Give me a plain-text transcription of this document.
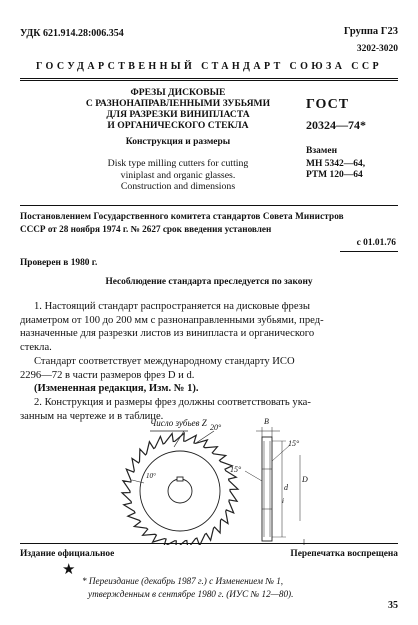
УДК 621.914.28:006.354	Группа Г23
3202-3020
ГОСУДАРСТВЕННЫЙ СТАНДАРТ СОЮЗА ССР
ФРЕЗЫ ДИСКОВЫЕ
С РАЗНОНАПРАВЛЕННЫМИ ЗУБЬЯМИ
ДЛЯ РАЗРЕЗКИ ВИНИПЛАСТА
И ОРГАНИЧЕСКОГО СТЕКЛА
Конструкция и размеры
Disk type milling cutters for cutting
viniplast and organic glasses.
Construction and dimensions
ГОСТ
20324—74*
Взамен
МН 5342—64,
РТМ 120—64
Постановлением Государственного комитета стандартов Совета Министров
СССР от 28 ноября 1974 г. № 2627 срок введения установлен
с 01.01.76
Проверен в 1980 г.
Несоблюдение стандарта преследуется по закону
1. Настоящий стандарт распространяется на дисковые фрезы
диаметром от 100 до 200 мм с разнонаправленными зубьями, пред-
назначенные для разрезки листов из винипласта и органического
стекла.
Стандарт соответствует международному стандарту ИСО
2296—72 в части размеров фрез D и d.
(Измененная редакция, Изм. № 1).
2. Конструкция и размеры фрез должны соответствовать ука-
занным на чертеже и в таблице.
Число зубьев Z 20°
10°
15°
15°
B
d
D
i
Издание официальное	Перепечатка воспрещена
★
* Переиздание (декабрь 1987 г.) с Изменением № 1,
утвержденным в сентябре 1980 г. (ИУС № 12—80).
35
